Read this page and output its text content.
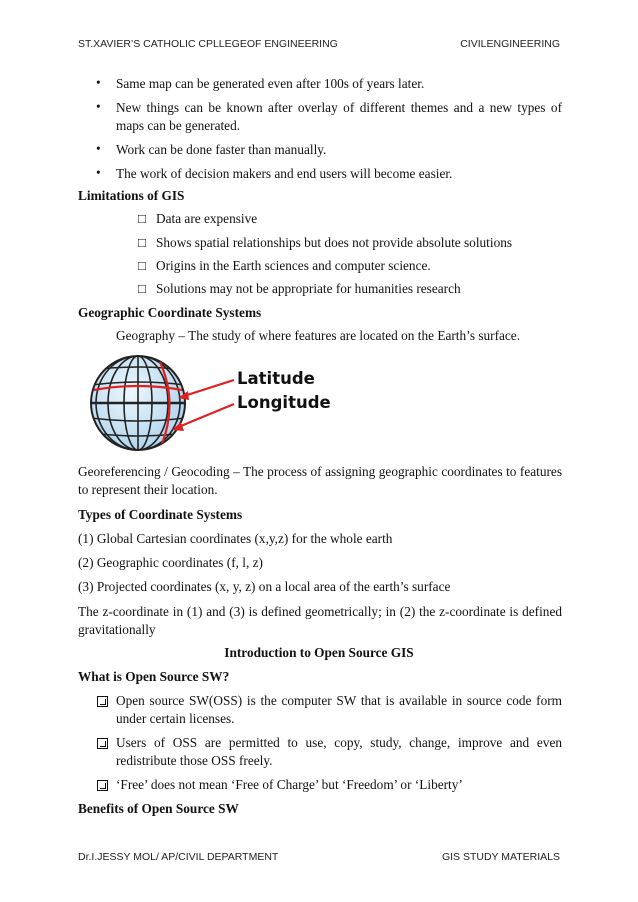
ST.XAVIER’S CATHOLIC CPLLEGEOF ENGINEERING	CIVILENGINEERING
•	Same map can be generated even after 100s of years later.
•	New things can be known after overlay of different themes and a new types of maps can be generated.
•	Work can be done faster than manually.
•	The work of decision makers and end users will become easier.
Limitations of GIS
□ Data are expensive
□ Shows spatial relationships but does not provide absolute solutions
□ Origins in the Earth sciences and computer science.
□ Solutions may not be appropriate for humanities research
Geographic Coordinate Systems
Geography – The study of where features are located on the Earth’s surface.
Latitude
Longitude
Georeferencing / Geocoding – The process of assigning geographic coordinates to features to represent their location.
Types of Coordinate Systems
(1) Global Cartesian coordinates (x,y,z) for the whole earth
(2) Geographic coordinates (f, l, z)
(3) Projected coordinates (x, y, z) on a local area of the earth’s surface
The z-coordinate in (1) and (3) is defined geometrically; in (2) the z-coordinate is defined gravitationally
Introduction to Open Source GIS
What is Open Source SW?
Open source SW(OSS) is the computer SW that is available in source code form under certain licenses.
Users of OSS are permitted to use, copy, study, change, improve and even redistribute those OSS freely.
‘Free’ does not mean ‘Free of Charge’ but ‘Freedom’ or ‘Liberty’
Benefits of Open Source SW
Dr.I.JESSY MOL/ AP/CIVIL DEPARTMENT	GIS STUDY MATERIALS
